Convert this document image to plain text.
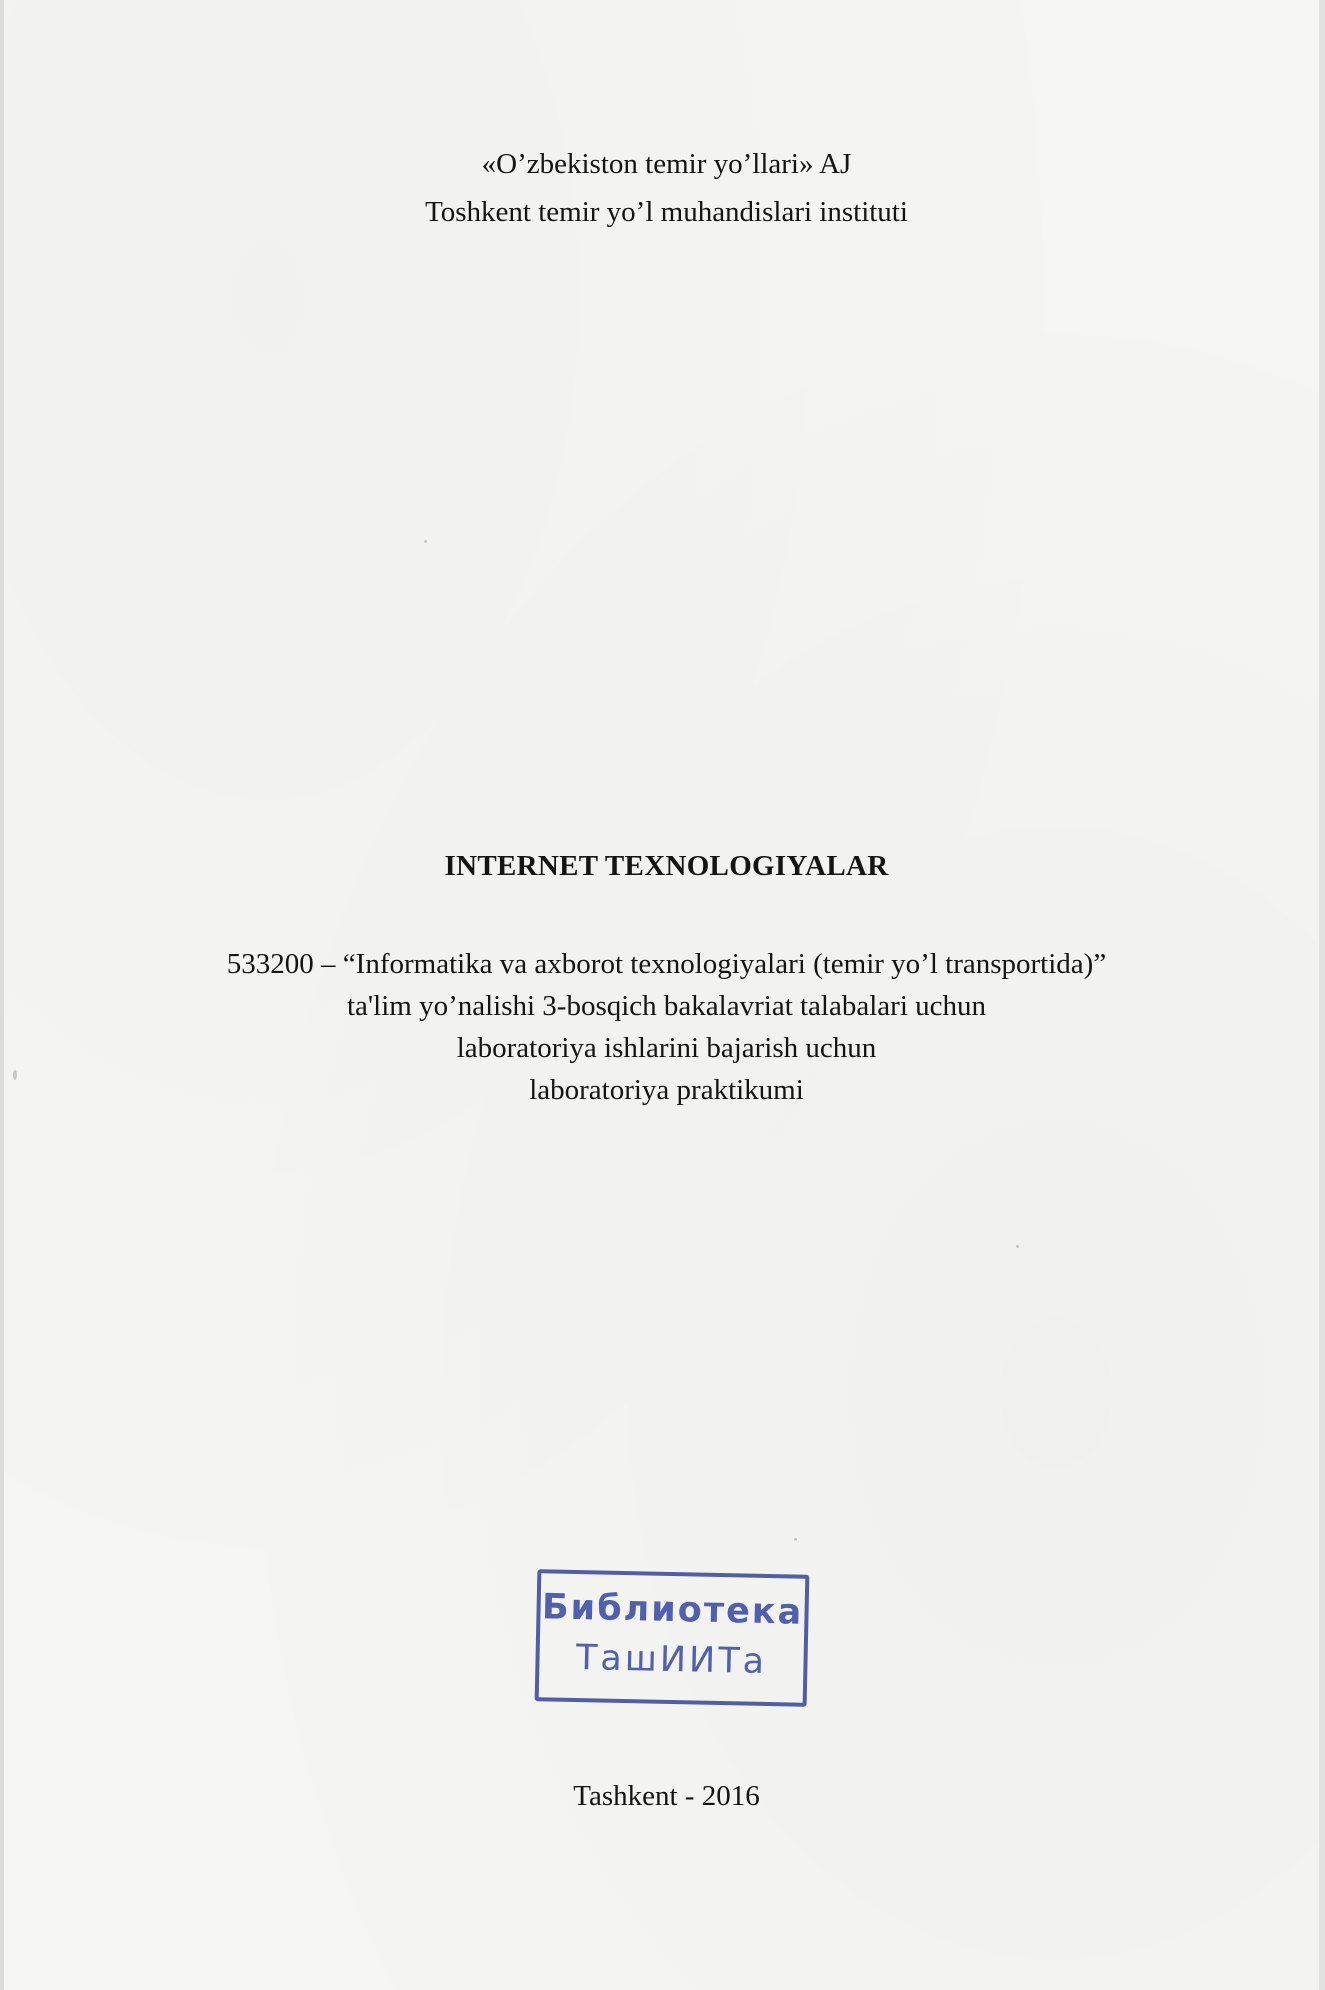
«O’zbekiston temir yo’llari» AJ
Toshkent temir yo’l muhandislari instituti
INTERNET TEXNOLOGIYALAR
533200 – “Informatika va axborot texnologiyalari (temir yo’l transportida)”
ta'lim yo’nalishi 3-bosqich bakalavriat talabalari uchun
laboratoriya ishlarini bajarish uchun
laboratoriya praktikumi
Библиотека
ТашИИТа
Tashkent - 2016
